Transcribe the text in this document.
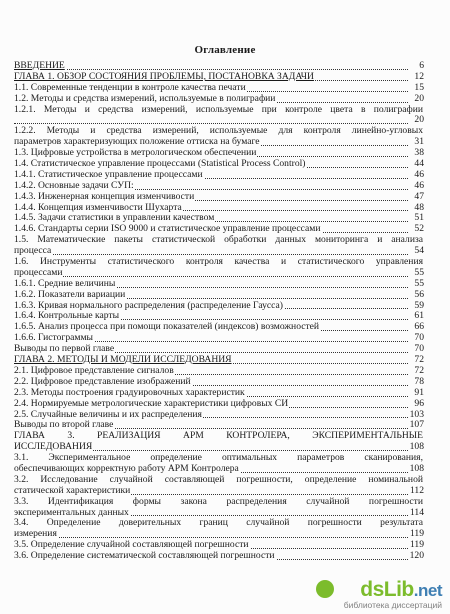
Оглавление
ВВЕДЕНИЕ	6
ГЛАВА 1. ОБЗОР СОСТОЯНИЯ ПРОБЛЕМЫ, ПОСТАНОВКА ЗАДАЧИ	12
1.1. Современные тенденции в контроле качества печати	15
1.2. Методы и средства измерений, используемые в полиграфии	20
1.2.1. Методы и средства измерений, используемые при контроле цвета в полиграфии
20
1.2.2. Методы и средства измерений, используемые для контроля линейно-угловых
параметров характеризующих положение оттиска на бумаге	31
1.3. Цифровые устройства в метрологическом обеспечении	38
1.4. Статистическое управление процессами (Statistical Process Control)	44
1.4.1. Статистическое управление процессами	46
1.4.2. Основные задачи СУП:	46
1.4.3. Инженерная концепция изменчивости	47
1.4.4. Концепция изменчивости Шухарта	48
1.4.5. Задачи статистики в управлении качеством	51
1.4.6. Стандарты серии ISO 9000 и статистическое управление процессами	52
1.5. Математические пакеты статистической обработки данных мониторинга и анализа
процесса	54
1.6. Инструменты статистического контроля качества и статистического управления
процессами	55
1.6.1. Средние величины	55
1.6.2. Показатели вариации	56
1.6.3. Кривая нормального распределения (распределение Гаусса)	59
1.6.4. Контрольные карты	61
1.6.5. Анализ процесса при помощи показателей (индексов) возможностей	66
1.6.6. Гистограммы	70
Выводы по первой главе	70
ГЛАВА 2. МЕТОДЫ И МОДЕЛИ ИССЛЕДОВАНИЯ	72
2.1. Цифровое представление сигналов	72
2.2. Цифровое представление изображений	78
2.3. Методы построения градуировочных характеристик	91
2.4. Нормируемые метрологические характеристики цифровых СИ	96
2.5. Случайные величины и их распределения	103
Выводы по второй главе	107
ГЛАВА 3. РЕАЛИЗАЦИЯ АРМ КОНТРОЛЕРА, ЭКСПЕРИМЕНТАЛЬНЫЕ
ИССЛЕДОВАНИЯ	108
3.1. Экспериментальное определение оптимальных параметров сканирования,
обеспечивающих корректную работу АРМ Контролера	108
3.2. Исследование случайной составляющей погрешности, определение номинальной
статической характеристики	112
3.3. Идентификация формы закона распределения случайной погрешности
экспериментальных данных	114
3.4. Определение доверительных границ случайной погрешности результата
измерения	119
3.5. Определение случайной составляющей погрешности	119
3.6. Определение систематической составляющей погрешности	120
dsLib.net
библиотека диссертаций
